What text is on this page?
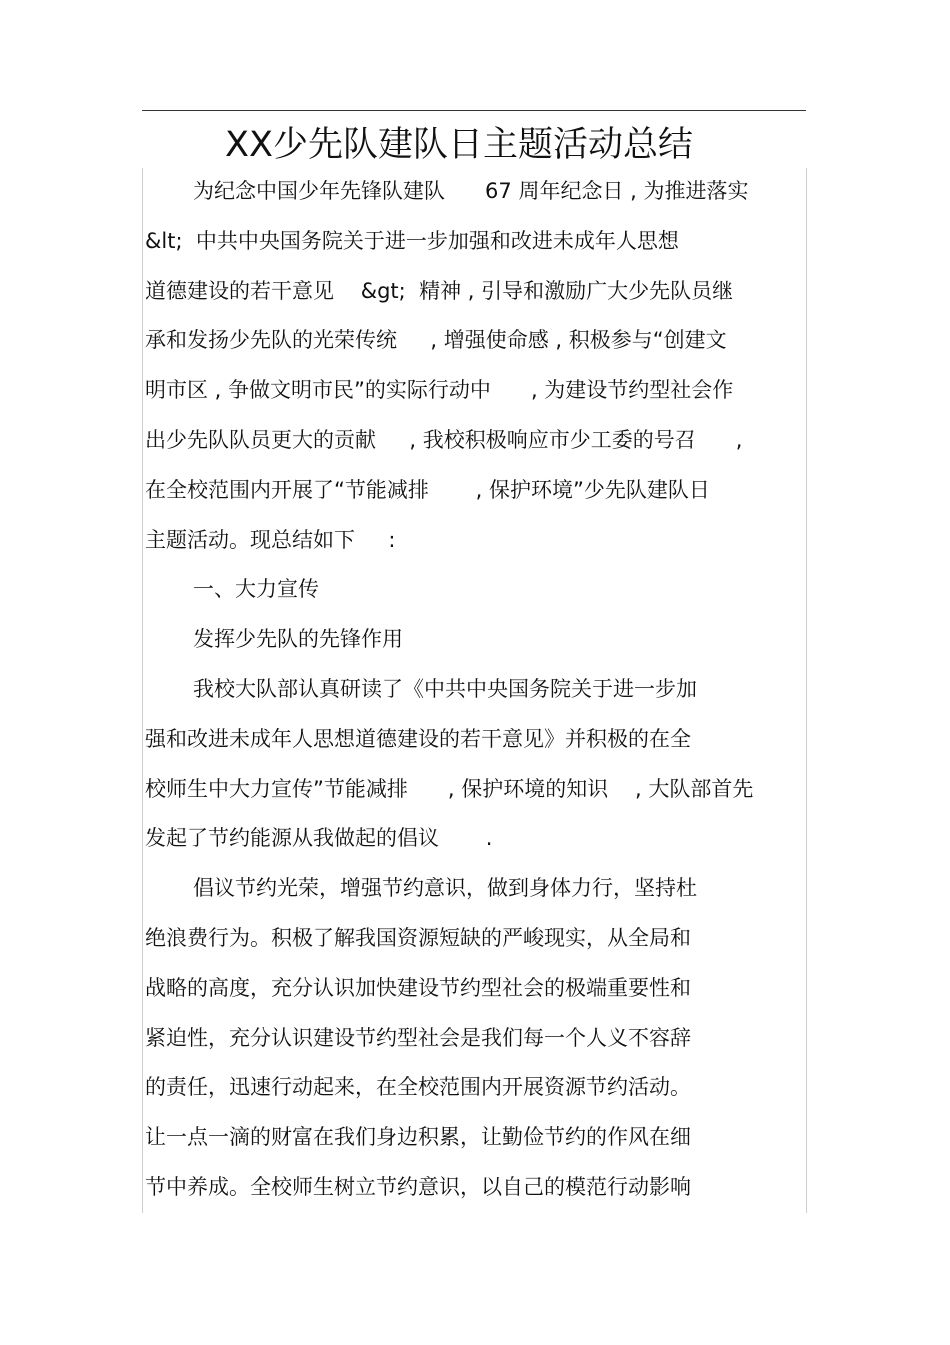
XX少先队建队日主题活动总结
为纪念中国少年先锋队建队      67 周年纪念日 , 为推进落实
&lt;  中共中央国务院关于进一步加强和改进未成年人思想
道德建设的若干意见    &gt;  精神 , 引导和激励广大少先队员继
承和发扬少先队的光荣传统     , 增强使命感 , 积极参与“创建文
明市区 , 争做文明市民”的实际行动中      , 为建设节约型社会作
出少先队队员更大的贡献     , 我校积极响应市少工委的号召      ,
在全校范围内开展了“节能减排       , 保护环境”少先队建队日
主题活动。现总结如下     :
一、大力宣传
发挥少先队的先锋作用
我校大队部认真研读了《中共中央国务院关于进一步加
强和改进未成年人思想道德建设的若干意见》并积极的在全
校师生中大力宣传”节能减排      , 保护环境的知识    , 大队部首先
发起了节约能源从我做起的倡议       .
倡议节约光荣，增强节约意识，做到身体力行，坚持杜
绝浪费行为。积极了解我国资源短缺的严峻现实，从全局和
战略的高度，充分认识加快建设节约型社会的极端重要性和
紧迫性，充分认识建设节约型社会是我们每一个人义不容辞
的责任，迅速行动起来，在全校范围内开展资源节约活动。
让一点一滴的财富在我们身边积累，让勤俭节约的作风在细
节中养成。全校师生树立节约意识，以自己的模范行动影响
